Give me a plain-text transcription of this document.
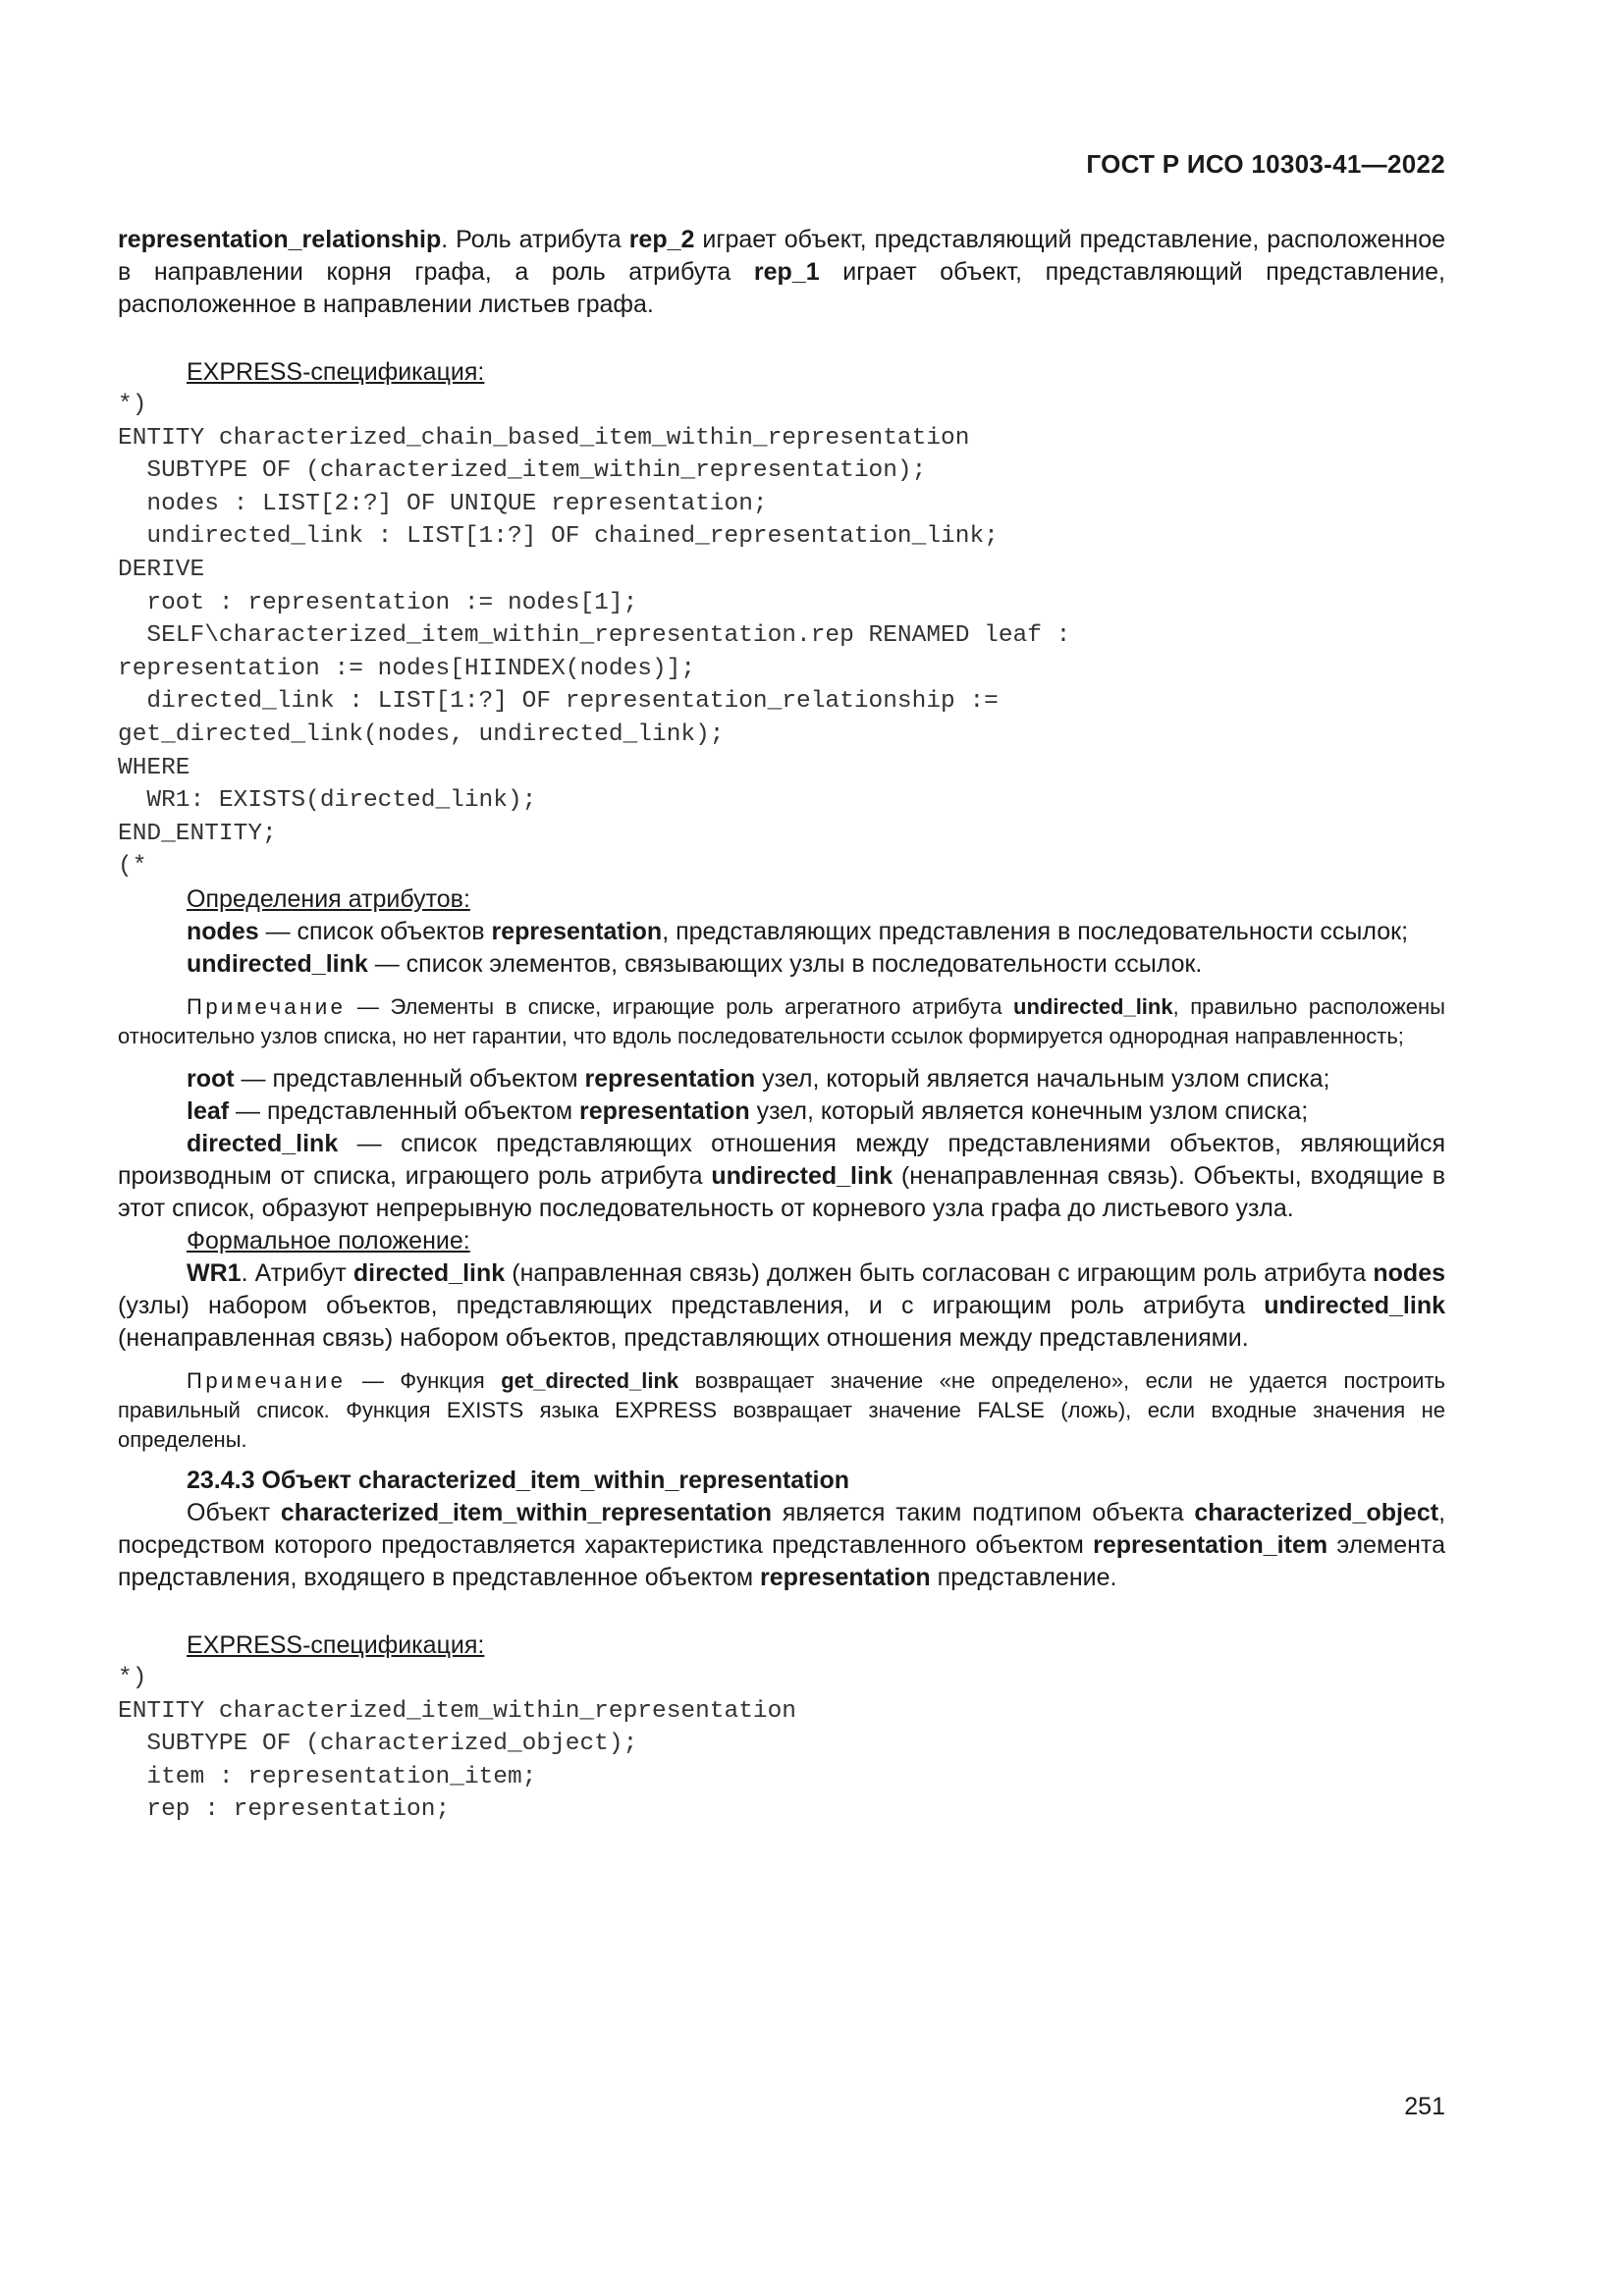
ГОСТ Р ИСО 10303-41—2022

representation_relationship. Роль атрибута rep_2 играет объект, представляющий представление, расположенное в направлении корня графа, а роль атрибута rep_1 играет объект, представляющий представление, расположенное в направлении листьев графа.

EXPRESS-спецификация:

*)
ENTITY characterized_chain_based_item_within_representation
SUBTYPE OF (characterized_item_within_representation);
nodes : LIST[2:?] OF UNIQUE representation;
undirected_link : LIST[1:?] OF chained_representation_link;
DERIVE
root : representation := nodes[1];
SELF\characterized_item_within_representation.rep RENAMED leaf :
representation := nodes[HIINDEX(nodes)];
directed_link : LIST[1:?] OF representation_relationship :=
get_directed_link(nodes, undirected_link);
WHERE
WR1: EXISTS(directed_link);
END_ENTITY;
(*

Определения атрибутов:

nodes — список объектов representation, представляющих представления в последовательности ссылок;

undirected_link — список элементов, связывающих узлы в последовательности ссылок.

Примечание — Элементы в списке, играющие роль агрегатного атрибута undirected_link, правильно расположены относительно узлов списка, но нет гарантии, что вдоль последовательности ссылок формируется однородная направленность;

root — представленный объектом representation узел, который является начальным узлом списка;

leaf — представленный объектом representation узел, который является конечным узлом списка;

directed_link — список представляющих отношения между представлениями объектов, являющийся производным от списка, играющего роль атрибута undirected_link (ненаправленная связь). Объекты, входящие в этот список, образуют непрерывную последовательность от корневого узла графа до листьевого узла.

Формальное положение:

WR1. Атрибут directed_link (направленная связь) должен быть согласован с играющим роль атрибута nodes (узлы) набором объектов, представляющих представления, и с играющим роль атрибута undirected_link (ненаправленная связь) набором объектов, представляющих отношения между представлениями.

Примечание — Функция get_directed_link возвращает значение «не определено», если не удается построить правильный список. Функция EXISTS языка EXPRESS возвращает значение FALSE (ложь), если входные значения не определены.

23.4.3 Объект characterized_item_within_representation

Объект characterized_item_within_representation является таким подтипом объекта characterized_object, посредством которого предоставляется характеристика представленного объектом representation_item элемента представления, входящего в представленное объектом representation представление.

EXPRESS-спецификация:

*)
ENTITY characterized_item_within_representation
SUBTYPE OF (characterized_object);
item : representation_item;
rep : representation;
251
